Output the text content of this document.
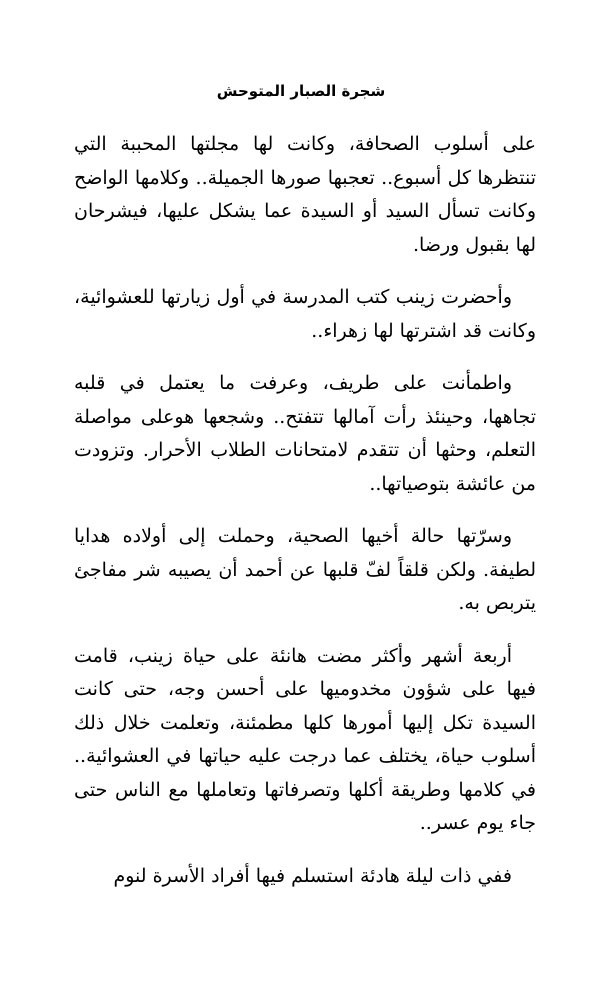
شجرة الصبار المتوحش

على أسلوب الصحافة، وكانت لها مجلتها المحببة التي تنتظرها كل أسبوع.. تعجبها صورها الجميلة.. وكلامها الواضح وكانت تسأل السيد أو السيدة عما يشكل عليها، فيشرحان لها بقبول ورضا.

وأحضرت زينب كتب المدرسة في أول زيارتها للعشوائية، وكانت قد اشترتها لها زهراء..

واطمأنت على طريف، وعرفت ما يعتمل في قلبه تجاهها، وحينئذ رأت آمالها تتفتح.. وشجعها هوعلى مواصلة التعلم، وحثها أن تتقدم لامتحانات الطلاب الأحرار. وتزودت من عائشة بتوصياتها..

وسرّتها حالة أخيها الصحية، وحملت إلى أولاده هدايا لطيفة. ولكن قلقاً لفّ قلبها عن أحمد أن يصيبه شر مفاجئ يتربص به.

أربعة أشهر وأكثر مضت هانئة على حياة زينب، قامت فيها على شؤون مخدوميها على أحسن وجه، حتى كانت السيدة تكل إليها أمورها كلها مطمئنة، وتعلمت خلال ذلك أسلوب حياة، يختلف عما درجت عليه حياتها في العشوائية.. في كلامها وطريقة أكلها وتصرفاتها وتعاملها مع الناس حتى جاء يوم عسر..

ففي ذات ليلة هادئة استسلم فيها أفراد الأسرة لنوم
